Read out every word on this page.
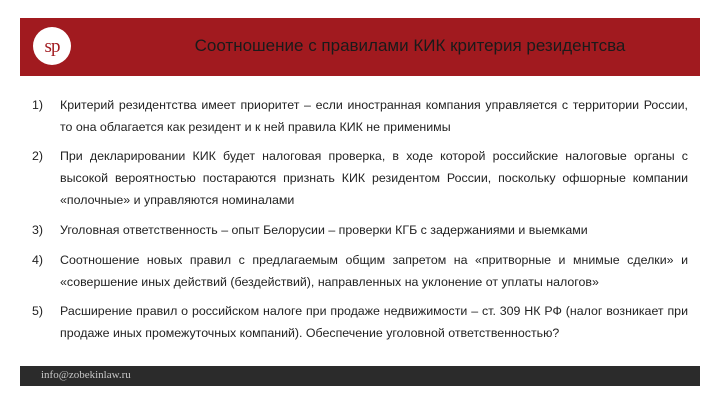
sp	Соотношение с правилами КИК критерия резидентсва
1) Критерий резидентства имеет приоритет – если иностранная компания управляется с территории России, то она облагается как резидент и к ней правила КИК не применимы
2) При декларировании КИК будет налоговая проверка, в ходе которой российские налоговые органы с высокой вероятностью постараются признать КИК резидентом России, поскольку офшорные компании «полочные» и управляются номиналами
3) Уголовная ответственность – опыт Белорусии – проверки КГБ с задержаниями и выемками
4) Соотношение новых правил с предлагаемым общим запретом на «притворные и мнимые сделки» и «совершение иных действий (бездействий), направленных на уклонение от уплаты налогов»
5) Расширение правил о российском налоге при продаже недвижимости – ст. 309 НК РФ (налог возникает при продаже иных промежуточных компаний). Обеспечение уголовной ответственностью?
info@zobekinlaw.ru
